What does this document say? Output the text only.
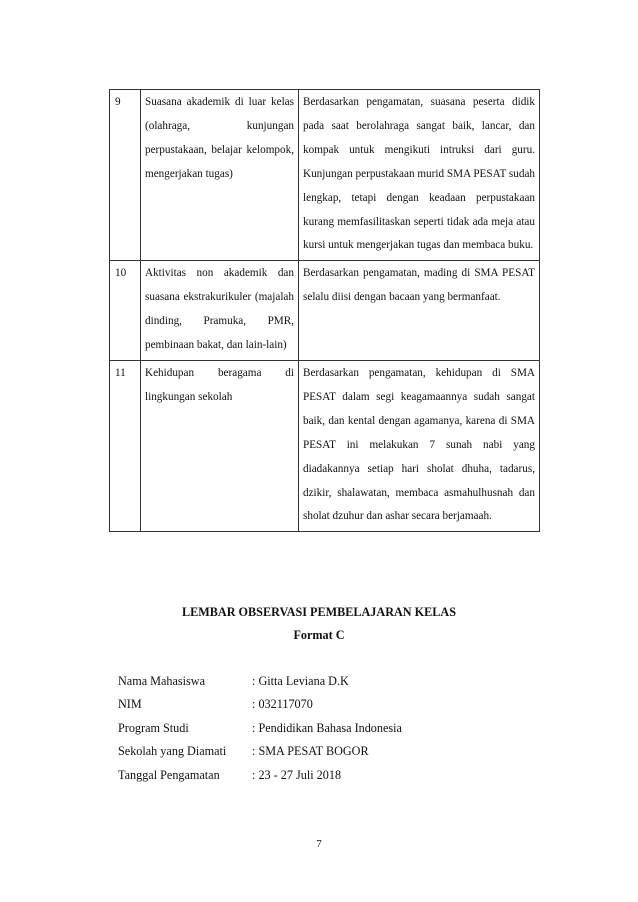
9	Suasana akademik di luar kelas (olahraga, kunjungan perpustakaan, belajar kelompok, mengerjakan tugas)	Berdasarkan pengamatan, suasana peserta didik pada saat berolahraga sangat baik, lancar, dan kompak untuk mengikuti intruksi dari guru. Kunjungan perpustakaan murid SMA PESAT sudah lengkap, tetapi dengan keadaan perpustakaan kurang memfasilitaskan seperti tidak ada meja atau kursi untuk mengerjakan tugas dan membaca buku.

10	Aktivitas non akademik dan suasana ekstrakurikuler (majalah dinding, Pramuka, PMR, pembinaan bakat, dan lain-lain)	Berdasarkan pengamatan, mading di SMA PESAT selalu diisi dengan bacaan yang bermanfaat.

11	Kehidupan beragama di lingkungan sekolah	Berdasarkan pengamatan, kehidupan di SMA PESAT dalam segi keagamaannya sudah sangat baik, dan kental dengan agamanya, karena di SMA PESAT ini melakukan 7 sunah nabi yang diadakannya setiap hari sholat dhuha, tadarus, dzikir, shalawatan, membaca asmahulhusnah dan sholat dzuhur dan ashar secara berjamaah.
LEMBAR OBSERVASI PEMBELAJARAN KELAS
Format C
Nama Mahasiswa	: Gitta Leviana D.K
NIM	: 032117070
Program Studi	: Pendidikan Bahasa Indonesia
Sekolah yang Diamati	: SMA PESAT BOGOR
Tanggal Pengamatan	: 23 - 27 Juli 2018
7
